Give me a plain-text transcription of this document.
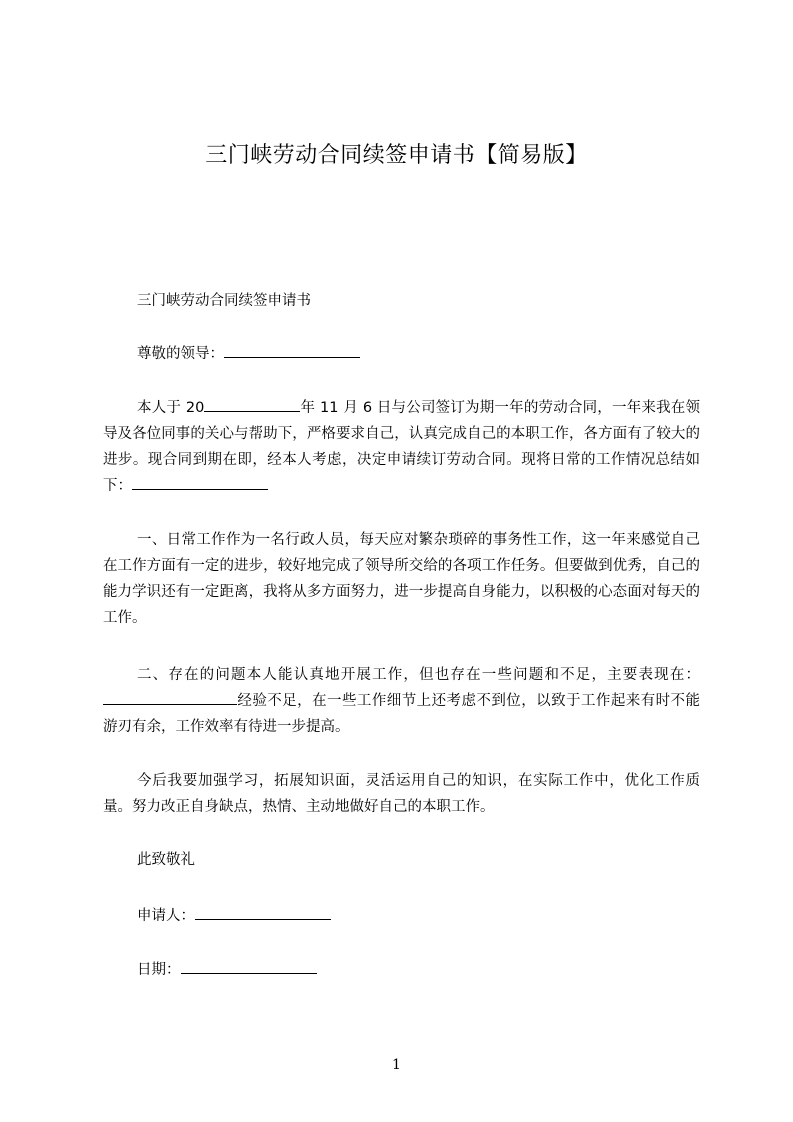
三门峡劳动合同续签申请书【简易版】

三门峡劳动合同续签申请书

尊敬的领导：

本人于 20	年 11 月 6 日与公司签订为期一年的劳动合同，一年来我在领导及各位同事的关心与帮助下，严格要求自己，认真完成自己的本职工作，各方面有了较大的进步。现合同到期在即，经本人考虑，决定申请续订劳动合同。现将日常的工作情况总结如下：

一、日常工作作为一名行政人员，每天应对繁杂琐碎的事务性工作，这一年来感觉自己在工作方面有一定的进步，较好地完成了领导所交给的各项工作任务。但要做到优秀，自己的能力学识还有一定距离，我将从多方面努力，进一步提高自身能力，以积极的心态面对每天的工作。

二、存在的问题本人能认真地开展工作，但也存在一些问题和不足，主要表现在：经验不足，在一些工作细节上还考虑不到位，以致于工作起来有时不能游刃有余，工作效率有待进一步提高。

今后我要加强学习，拓展知识面，灵活运用自己的知识，在实际工作中，优化工作质量。努力改正自身缺点，热情、主动地做好自己的本职工作。

此致敬礼

申请人：

日期：

1
